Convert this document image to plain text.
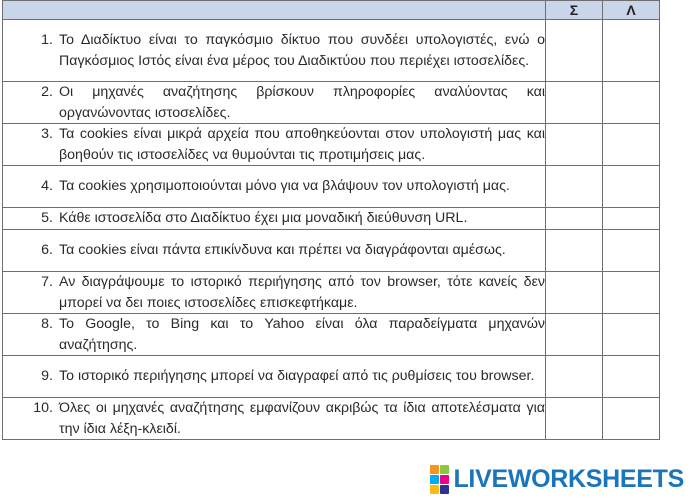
	Σ	Λ

1. Το Διαδίκτυο είναι το παγκόσμιο δίκτυο που συνδέει υπολογιστές, ενώ ο Παγκόσμιος Ιστός είναι ένα μέρος του Διαδικτύου που περιέχει ιστοσελίδες.		

2. Οι μηχανές αναζήτησης βρίσκουν πληροφορίες αναλύοντας και οργανώνοντας ιστοσελίδες.		

3. Τα cookies είναι μικρά αρχεία που αποθηκεύονται στον υπολογιστή μας και βοηθούν τις ιστοσελίδες να θυμούνται τις προτιμήσεις μας.		

4. Τα cookies χρησιμοποιούνται μόνο για να βλάψουν τον υπολογιστή μας.		

5. Κάθε ιστοσελίδα στο Διαδίκτυο έχει μια μοναδική διεύθυνση URL.		

6. Τα cookies είναι πάντα επικίνδυνα και πρέπει να διαγράφονται αμέσως.		

7. Αν διαγράψουμε το ιστορικό περιήγησης από τον browser, τότε κανείς δεν μπορεί να δει ποιες ιστοσελίδες επισκεφτήκαμε.		

8. Το Google, το Bing και το Yahoo είναι όλα παραδείγματα μηχανών αναζήτησης.		

9. Το ιστορικό περιήγησης μπορεί να διαγραφεί από τις ρυθμίσεις του browser.		

10. Όλες οι μηχανές αναζήτησης εμφανίζουν ακριβώς τα ίδια αποτελέσματα για την ίδια λέξη-κλειδί.		

LIVEWORKSHEETS
